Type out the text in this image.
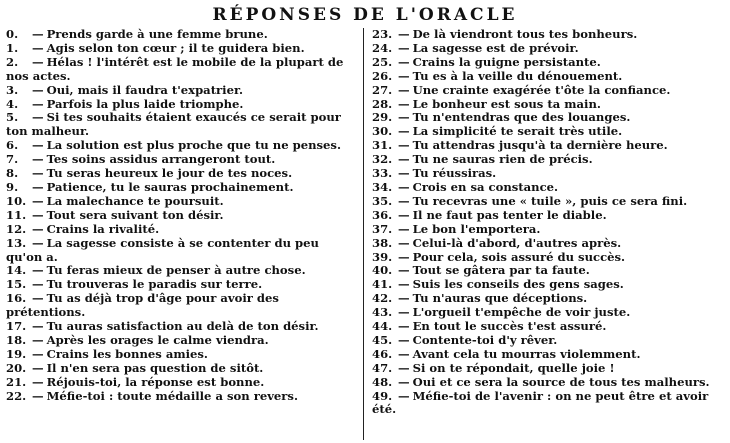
RÉPONSES DE L'ORACLE
0. — Prends garde à une femme brune.
1. — Agis selon ton cœur ; il te guidera bien.
2. — Hélas ! l'intérêt est le mobile de la plupart de nos actes.
3. — Oui, mais il faudra t'expatrier.
4. — Parfois la plus laide triomphe.
5. — Si tes souhaits étaient exaucés ce serait pour ton malheur.
6. — La solution est plus proche que tu ne penses.
7. — Tes soins assidus arrangeront tout.
8. — Tu seras heureux le jour de tes noces.
9. — Patience, tu le sauras prochainement.
10. — La malechance te poursuit.
11. — Tout sera suivant ton désir.
12. — Crains la rivalité.
13. — La sagesse consiste à se contenter du peu qu'on a.
14. — Tu feras mieux de penser à autre chose.
15. — Tu trouveras le paradis sur terre.
16. — Tu as déjà trop d'âge pour avoir des prétentions.
17. — Tu auras satisfaction au delà de ton désir.
18. — Après les orages le calme viendra.
19. — Crains les bonnes amies.
20. — Il n'en sera pas question de sitôt.
21. — Réjouis-toi, la réponse est bonne.
22. — Méfie-toi : toute médaille a son revers.
23. — De là viendront tous tes bonheurs.
24. — La sagesse est de prévoir.
25. — Crains la guigne persistante.
26. — Tu es à la veille du dénouement.
27. — Une crainte exagérée t'ôte la confiance.
28. — Le bonheur est sous ta main.
29. — Tu n'entendras que des louanges.
30. — La simplicité te serait très utile.
31. — Tu attendras jusqu'à ta dernière heure.
32. — Tu ne sauras rien de précis.
33. — Tu réussiras.
34. — Crois en sa constance.
35. — Tu recevras une « tuile », puis ce sera fini.
36. — Il ne faut pas tenter le diable.
37. — Le bon l'emportera.
38. — Celui-là d'abord, d'autres après.
39. — Pour cela, sois assuré du succès.
40. — Tout se gâtera par ta faute.
41. — Suis les conseils des gens sages.
42. — Tu n'auras que déceptions.
43. — L'orgueil t'empêche de voir juste.
44. — En tout le succès t'est assuré.
45. — Contente-toi d'y rêver.
46. — Avant cela tu mourras violemment.
47. — Si on te répondait, quelle joie !
48. — Oui et ce sera la source de tous tes malheurs.
49. — Méfie-toi de l'avenir : on ne peut être et avoir été.
